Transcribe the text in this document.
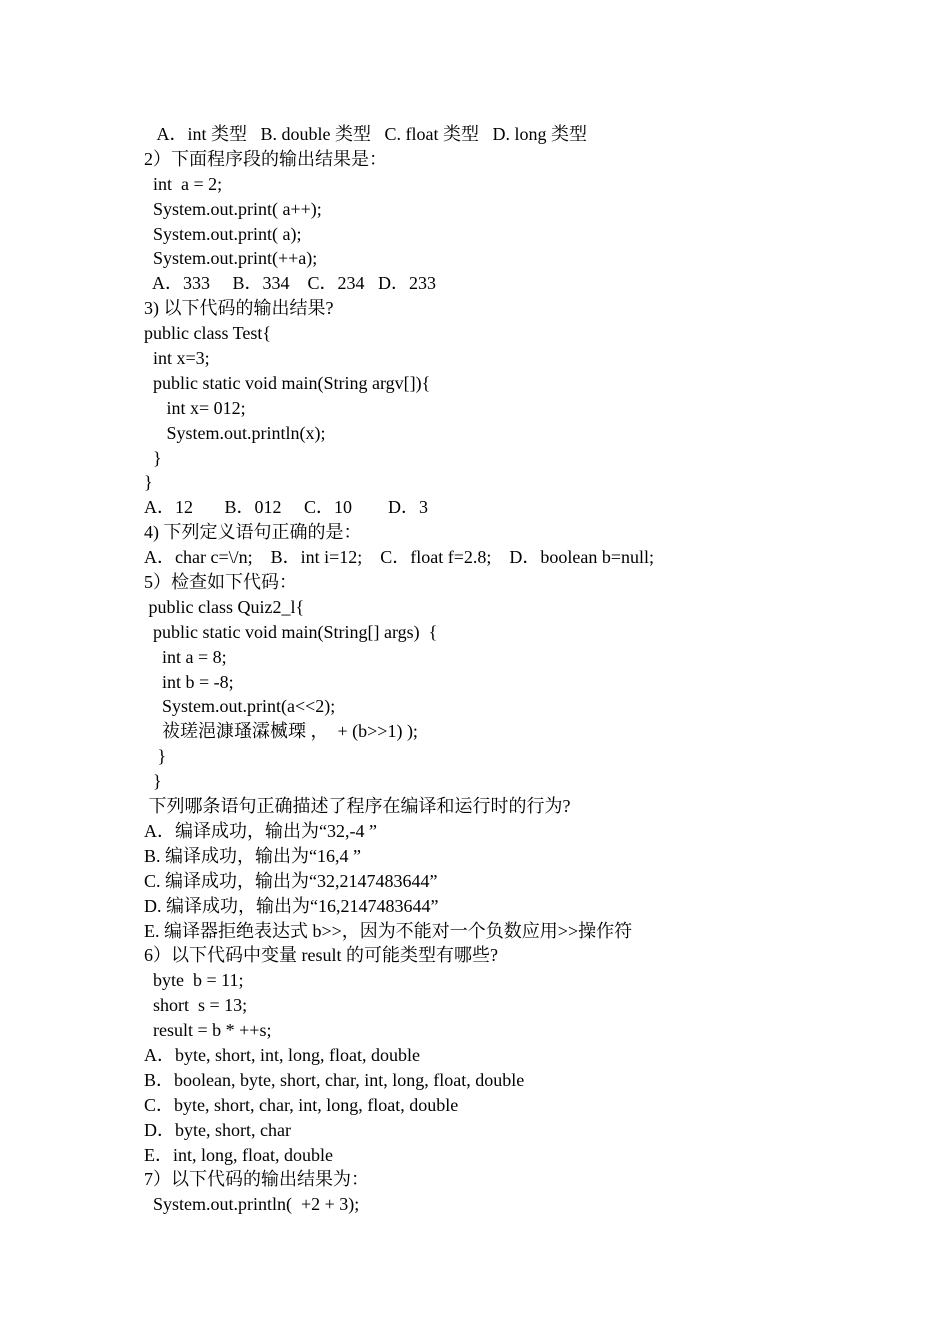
A．int 类型   B. double 类型   C. float 类型   D. long 类型
2）下面程序段的输出结果是：
int  a = 2;
System.out.print( a++);
System.out.print( a);
System.out.print(++a);
A．333     B．334    C．234   D．233
3) 以下代码的输出结果?
public class Test{
int x=3;
public static void main(String argv[]){
int x= 012;
System.out.println(x);
}
}
A．12       B．012     C．10        D．3
4) 下列定义语句正确的是：
A．char c=\/n;    B．int i=12;    C．float f=2.8;    D．boolean b=null;
5）检查如下代码：
public class Quiz2_l{
public static void main(String[] args)  {
int a = 8;
int b = -8;
System.out.print(a<<2);
祓瑳浥漮瑵瀮楲瑮 ，  + (b>>1) );
}
}
下列哪条语句正确描述了程序在编译和运行时的行为?
A．编译成功，输出为“32,-4 ”
B. 编译成功，输出为“16,4 ”
C. 编译成功，输出为“32,2147483644”
D. 编译成功，输出为“16,2147483644”
E. 编译器拒绝表达式 b>>，因为不能对一个负数应用>>操作符
6）以下代码中变量 result 的可能类型有哪些?
byte  b = 11;
short  s = 13;
result = b * ++s;
A．byte, short, int, long, float, double
B．boolean, byte, short, char, int, long, float, double
C．byte, short, char, int, long, float, double
D．byte, short, char
E．int, long, float, double
7）以下代码的输出结果为：
System.out.println(  +2 + 3);
